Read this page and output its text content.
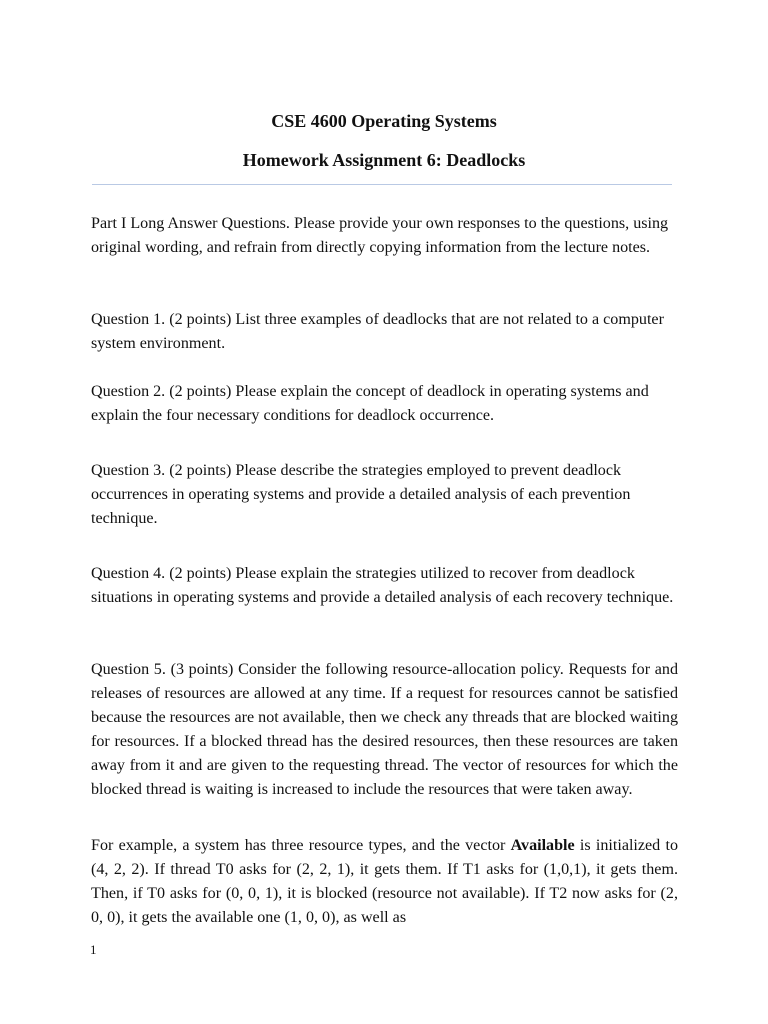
CSE 4600 Operating Systems
Homework Assignment 6: Deadlocks

Part I Long Answer Questions. Please provide your own responses to the questions, using original wording, and refrain from directly copying information from the lecture notes.

Question 1. (2 points) List three examples of deadlocks that are not related to a computer system environment.

Question 2. (2 points) Please explain the concept of deadlock in operating systems and explain the four necessary conditions for deadlock occurrence.

Question 3. (2 points) Please describe the strategies employed to prevent deadlock occurrences in operating systems and provide a detailed analysis of each prevention technique.

Question 4. (2 points) Please explain the strategies utilized to recover from deadlock situations in operating systems and provide a detailed analysis of each recovery technique.

Question 5. (3 points) Consider the following resource-allocation policy. Requests for and releases of resources are allowed at any time. If a request for resources cannot be satisfied because the resources are not available, then we check any threads that are blocked waiting for resources. If a blocked thread has the desired resources, then these resources are taken away from it and are given to the requesting thread. The vector of resources for which the blocked thread is waiting is increased to include the resources that were taken away.

For example, a system has three resource types, and the vector Available is initialized to (4, 2, 2). If thread T0 asks for (2, 2, 1), it gets them. If T1 asks for (1,0,1), it gets them. Then, if T0 asks for (0, 0, 1), it is blocked (resource not available). If T2 now asks for (2, 0, 0), it gets the available one (1, 0, 0), as well as

1
